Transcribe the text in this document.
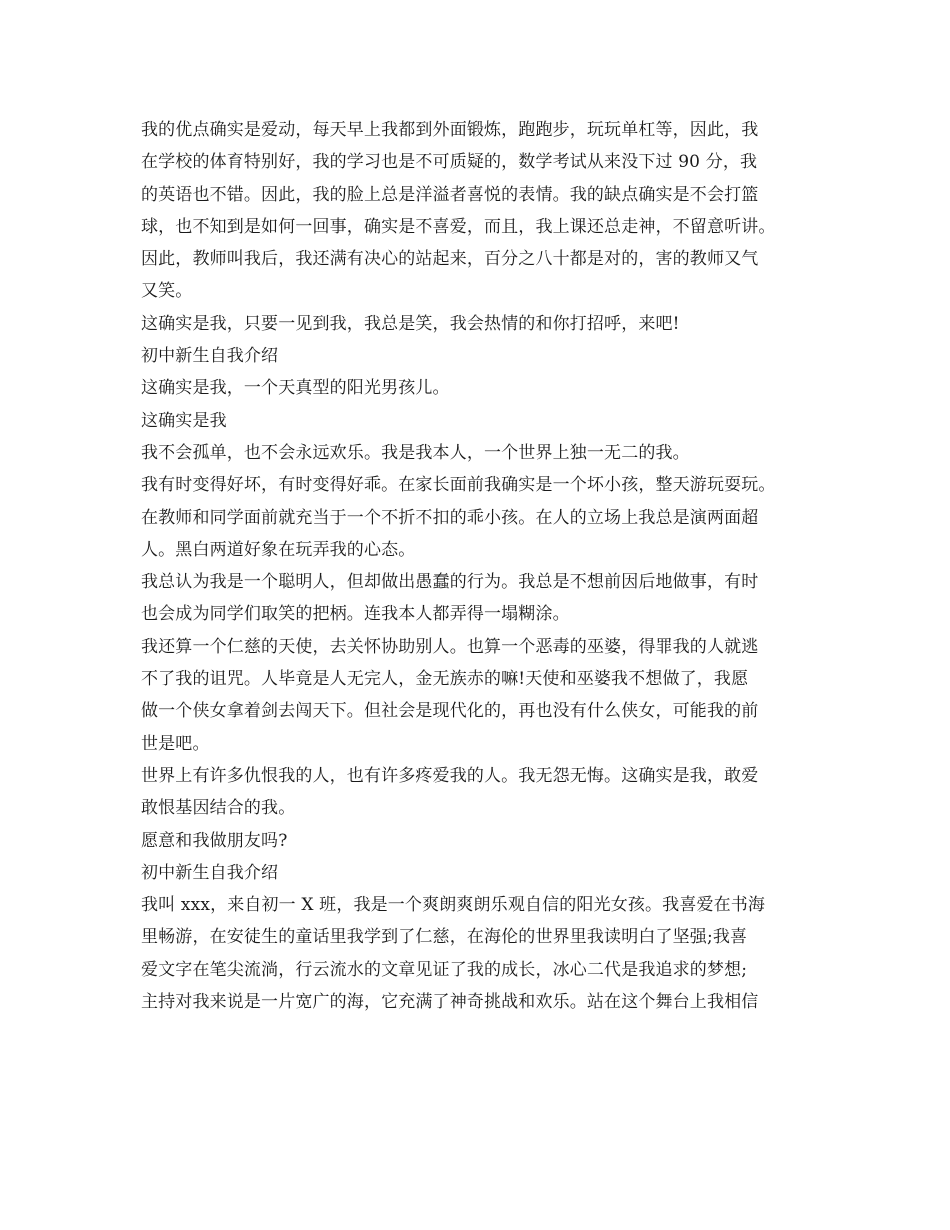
我的优点确实是爱动，每天早上我都到外面锻炼，跑跑步，玩玩单杠等，因此，我
在学校的体育特别好，我的学习也是不可质疑的，数学考试从来没下过 90 分，我
的英语也不错。因此，我的脸上总是洋溢者喜悦的表情。我的缺点确实是不会打篮
球，也不知到是如何一回事，确实是不喜爱，而且，我上课还总走神，不留意听讲。
因此，教师叫我后，我还满有决心的站起来，百分之八十都是对的，害的教师又气
又笑。
这确实是我，只要一见到我，我总是笑，我会热情的和你打招呼，来吧!
初中新生自我介绍
这确实是我，一个天真型的阳光男孩儿。
这确实是我
我不会孤单，也不会永远欢乐。我是我本人，一个世界上独一无二的我。
我有时变得好坏，有时变得好乖。在家长面前我确实是一个坏小孩，整天游玩耍玩。
在教师和同学面前就充当于一个不折不扣的乖小孩。在人的立场上我总是演两面超
人。黑白两道好象在玩弄我的心态。
我总认为我是一个聪明人，但却做出愚蠢的行为。我总是不想前因后地做事，有时
也会成为同学们取笑的把柄。连我本人都弄得一塌糊涂。
我还算一个仁慈的天使，去关怀协助别人。也算一个恶毒的巫婆，得罪我的人就逃
不了我的诅咒。人毕竟是人无完人，金无族赤的嘛!天使和巫婆我不想做了，我愿
做一个侠女拿着剑去闯天下。但社会是现代化的，再也没有什么侠女，可能我的前
世是吧。
世界上有许多仇恨我的人，也有许多疼爱我的人。我无怨无悔。这确实是我，敢爱
敢恨基因结合的我。
愿意和我做朋友吗?
初中新生自我介绍
我叫 xxx，来自初一 X 班，我是一个爽朗爽朗乐观自信的阳光女孩。我喜爱在书海
里畅游，在安徒生的童话里我学到了仁慈，在海伦的世界里我读明白了坚强;我喜
爱文字在笔尖流淌，行云流水的文章见证了我的成长，冰心二代是我追求的梦想;
主持对我来说是一片宽广的海，它充满了神奇挑战和欢乐。站在这个舞台上我相信
